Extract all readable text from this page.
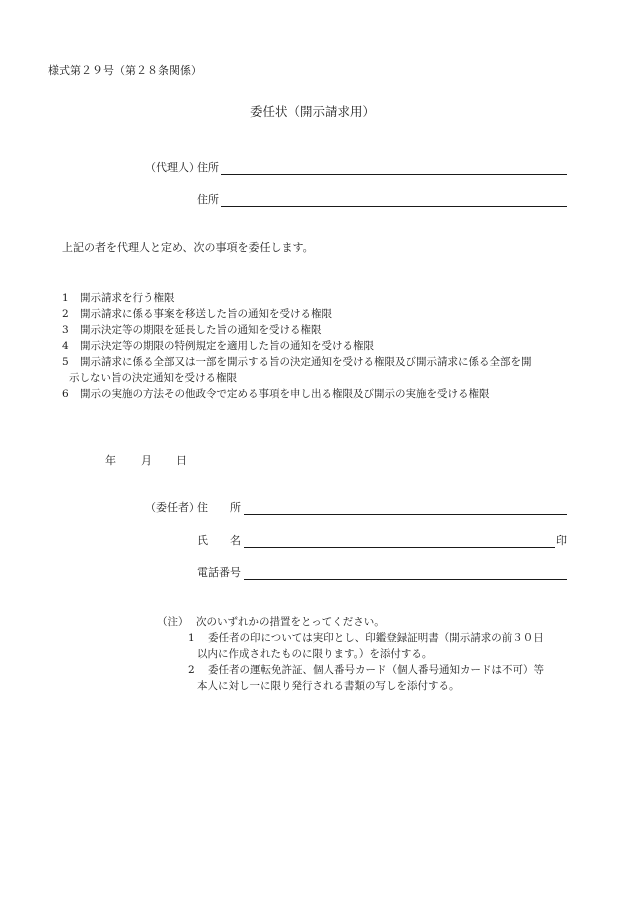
様式第２９号（第２８条関係）
委任状（開示請求用）
（代理人）
住所
住所
上記の者を代理人と定め、次の事項を委任します。
1 開示請求を行う権限
2 開示請求に係る事案を移送した旨の通知を受ける権限
3 開示決定等の期限を延長した旨の通知を受ける権限
4 開示決定等の期限の特例規定を適用した旨の通知を受ける権限
5 開示請求に係る全部又は一部を開示する旨の決定通知を受ける権限及び開示請求に係る全部を開
示しない旨の決定通知を受ける権限
6 開示の実施の方法その他政令で定める事項を申し出る権限及び開示の実施を受ける権限
年 月 日
（委任者）
住　　所
氏　　名	印
電話番号
（注） 次のいずれかの措置をとってください。
1 委任者の印については実印とし、印鑑登録証明書（開示請求の前３０日
以内に作成されたものに限ります。）を添付する。
2 委任者の運転免許証、個人番号カード（個人番号通知カードは不可）等
本人に対し一に限り発行される書類の写しを添付する。
